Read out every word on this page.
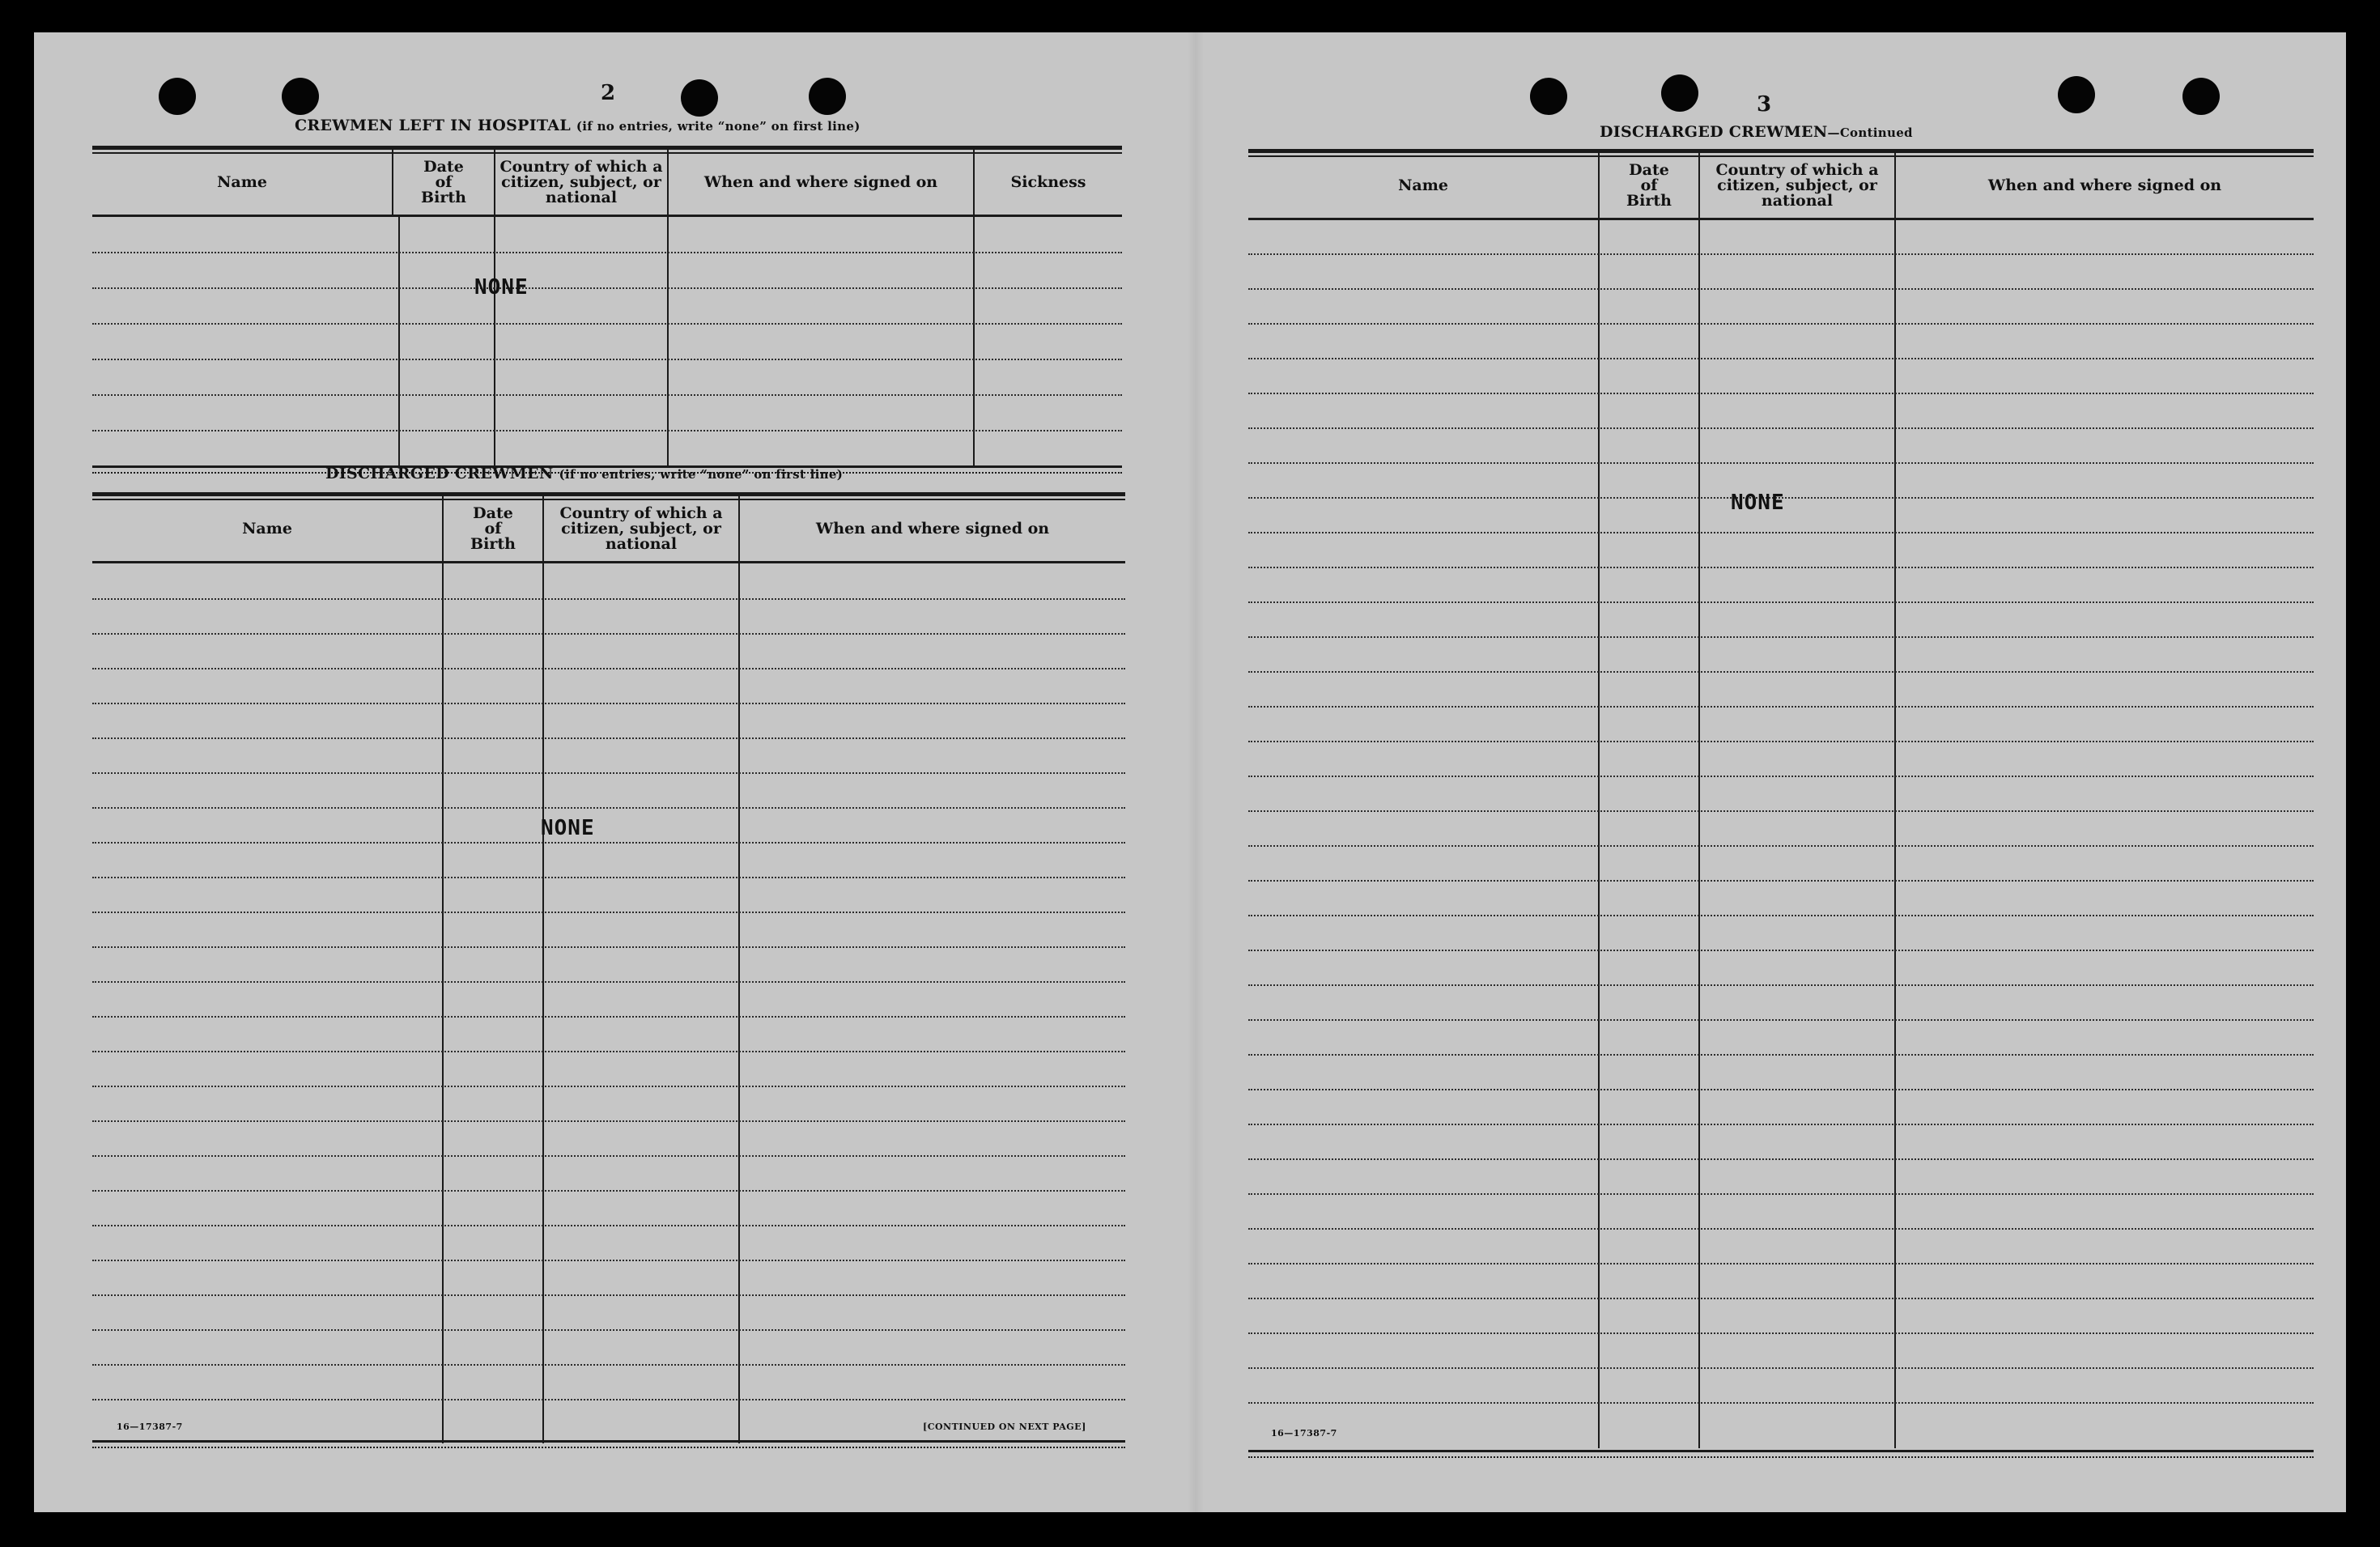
2
CREWMEN LEFT IN HOSPITAL (if no entries, write “none” on first line)
Name
Date
of
Birth
Country of which a
citizen, subject, or
national
When and where signed on	Sickness
NONE
DISCHARGED CREWMEN (if no entries, write “none” on first line)
Name
Date
of
Birth
Country of which a
citizen, subject, or
national
When and where signed on
NONE
16—17387-7	[CONTINUED ON NEXT PAGE]
3
DISCHARGED CREWMEN—Continued
Name
Date
of
Birth
Country of which a
citizen, subject, or
national
When and where signed on
NONE
16—17387-7
